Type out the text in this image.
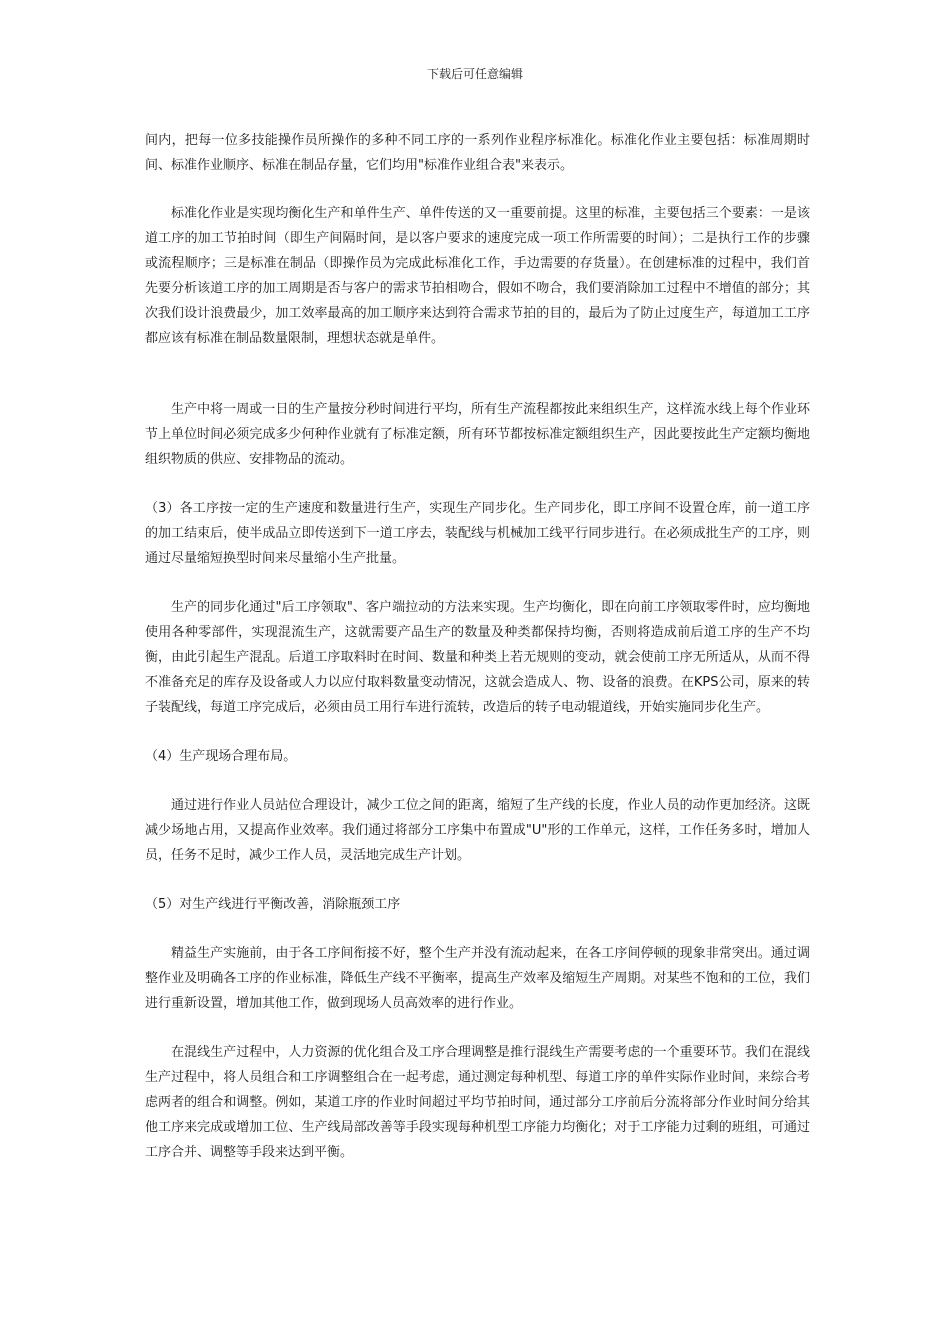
下载后可任意编辑

间内，把每一位多技能操作员所操作的多种不同工序的一系列作业程序标准化。标准化作业主要包括：标准周期时间、标准作业顺序、标准在制品存量，它们均用"标准作业组合表"来表示。

标准化作业是实现均衡化生产和单件生产、单件传送的又一重要前提。这里的标准，主要包括三个要素：一是该道工序的加工节拍时间（即生产间隔时间，是以客户要求的速度完成一项工作所需要的时间）；二是执行工作的步骤或流程顺序；三是标准在制品（即操作员为完成此标准化工作，手边需要的存货量）。在创建标准的过程中，我们首先要分析该道工序的加工周期是否与客户的需求节拍相吻合，假如不吻合，我们要消除加工过程中不增值的部分；其次我们设计浪费最少，加工效率最高的加工顺序来达到符合需求节拍的目的，最后为了防止过度生产，每道加工工序都应该有标准在制品数量限制，理想状态就是单件。

生产中将一周或一日的生产量按分秒时间进行平均，所有生产流程都按此来组织生产，这样流水线上每个作业环节上单位时间必须完成多少何种作业就有了标准定额，所有环节都按标准定额组织生产，因此要按此生产定额均衡地组织物质的供应、安排物品的流动。

（3）各工序按一定的生产速度和数量进行生产，实现生产同步化。生产同步化，即工序间不设置仓库，前一道工序的加工结束后，使半成品立即传送到下一道工序去，装配线与机械加工线平行同步进行。在必须成批生产的工序，则通过尽量缩短换型时间来尽量缩小生产批量。

生产的同步化通过"后工序领取"、客户端拉动的方法来实现。生产均衡化，即在向前工序领取零件时，应均衡地使用各种零部件，实现混流生产，这就需要产品生产的数量及种类都保持均衡，否则将造成前后道工序的生产不均衡，由此引起生产混乱。后道工序取料时在时间、数量和种类上若无规则的变动，就会使前工序无所适从，从而不得不准备充足的库存及设备或人力以应付取料数量变动情况，这就会造成人、物、设备的浪费。在KPS公司，原来的转子装配线，每道工序完成后，必须由员工用行车进行流转，改造后的转子电动辊道线，开始实施同步化生产。

（4）生产现场合理布局。

通过进行作业人员站位合理设计，减少工位之间的距离，缩短了生产线的长度，作业人员的动作更加经济。这既减少场地占用，又提高作业效率。我们通过将部分工序集中布置成"U"形的工作单元，这样，工作任务多时，增加人员，任务不足时，减少工作人员，灵活地完成生产计划。

（5）对生产线进行平衡改善，消除瓶颈工序

精益生产实施前，由于各工序间衔接不好，整个生产并没有流动起来，在各工序间停顿的现象非常突出。通过调整作业及明确各工序的作业标准，降低生产线不平衡率，提高生产效率及缩短生产周期。对某些不饱和的工位，我们进行重新设置，增加其他工作，做到现场人员高效率的进行作业。

在混线生产过程中，人力资源的优化组合及工序合理调整是推行混线生产需要考虑的一个重要环节。我们在混线生产过程中，将人员组合和工序调整组合在一起考虑，通过测定每种机型、每道工序的单件实际作业时间，来综合考虑两者的组合和调整。例如，某道工序的作业时间超过平均节拍时间，通过部分工序前后分流将部分作业时间分给其他工序来完成或增加工位、生产线局部改善等手段实现每种机型工序能力均衡化；对于工序能力过剩的班组，可通过工序合并、调整等手段来达到平衡。
